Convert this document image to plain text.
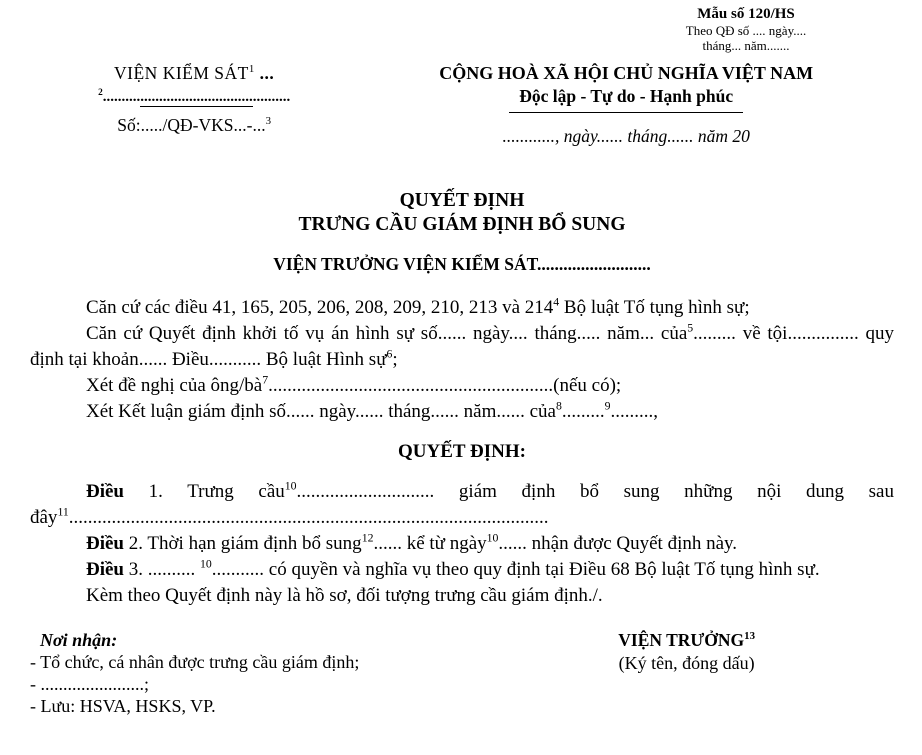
Mẫu số 120/HS
Theo QĐ số .... ngày....
tháng... năm.......
VIỆN KIỂM SÁT$^1$ ...
$^2$..................................................
Số:...../QĐ-VKS...-...$^3$
CỘNG HOÀ XÃ HỘI CHỦ NGHĨA VIỆT NAM
Độc lập - Tự do - Hạnh phúc
............, ngày...... tháng...... năm 20
QUYẾT ĐỊNH
TRƯNG CẦU GIÁM ĐỊNH BỔ SUNG
VIỆN TRƯỞNG VIỆN KIỂM SÁT..........................

Căn cứ các điều 41, 165, 205, 206, 208, 209, 210, 213 và $214^4$ Bộ luật Tố tụng hình sự;

Căn cứ Quyết định khởi tố vụ án hình sự số...... ngày.... tháng..... năm... của$^5$......... về tội............... quy định tại khoản...... Điều........... Bộ luật Hình sự$^6$;

Xét đề nghị của ông/$bà^7............................................................(nếu$ có);

Xét Kết luận giám định số...... ngày...... tháng...... năm...... của$^8$.........$^9$.........,

QUYẾT ĐỊNH:

Điều 1. Trưng cầu$^{10}$............................. giám định bổ sung những nội dung sau đây$^{11}$.....................................................................................................

Điều 2. Thời hạn giám định bổ sung$^{12}$...... kể từ ngày$^{10}$...... nhận được Quyết định này.

Điều 3. .......... $^{10}$........... có quyền và nghĩa vụ theo quy định tại Điều 68 Bộ luật Tố tụng hình sự.

Kèm theo Quyết định này là hồ sơ, đối tượng trưng cầu giám định./.

Nơi nhận:
- Tổ chức, cá nhân được trưng cầu giám định;
- .......................;
- Lưu: HSVA, HSKS, VP.
VIỆN TRƯỞNG$^{13}$
(Ký tên, đóng dấu)
